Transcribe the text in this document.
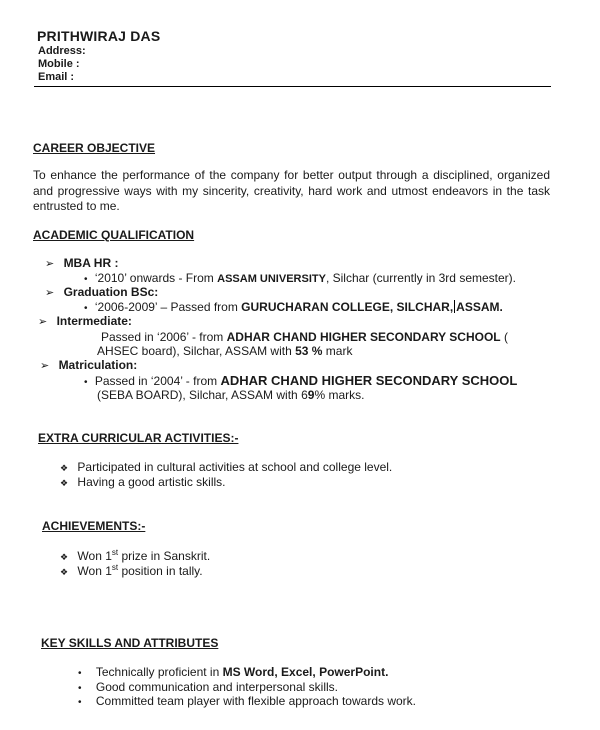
PRITHWIRAJ DAS
Address:
Mobile :
Email :
CAREER OBJECTIVE
To enhance the performance of the company for better output through a disciplined, organized and progressive ways with my sincerity, creativity, hard work and utmost endeavors in the task entrusted to me.
ACADEMIC QUALIFICATION
➢ MBA HR :
• ‘2010’ onwards - From ASSAM UNIVERSITY, Silchar (currently in 3rd semester).
➢ Graduation BSc:
• ‘2006-2009’ – Passed from GURUCHARAN COLLEGE, SILCHAR, ASSAM.
➢ Intermediate:
Passed in ‘2006’ - from ADHAR CHAND HIGHER SECONDARY SCHOOL (
AHSEC board), Silchar, ASSAM with 53 % mark
➢ Matriculation:
• Passed in ‘2004’ - from ADHAR CHAND HIGHER SECONDARY SCHOOL
(SEBA BOARD), Silchar, ASSAM with 69% marks.
EXTRA CURRICULAR ACTIVITIES:-
❖ Participated in cultural activities at school and college level.
❖ Having a good artistic skills.
ACHIEVEMENTS:-
❖ Won 1st prize in Sanskrit.
❖ Won 1st position in tally.
KEY SKILLS AND ATTRIBUTES
• Technically proficient in MS Word, Excel, PowerPoint.
• Good communication and interpersonal skills.
• Committed team player with flexible approach towards work.
